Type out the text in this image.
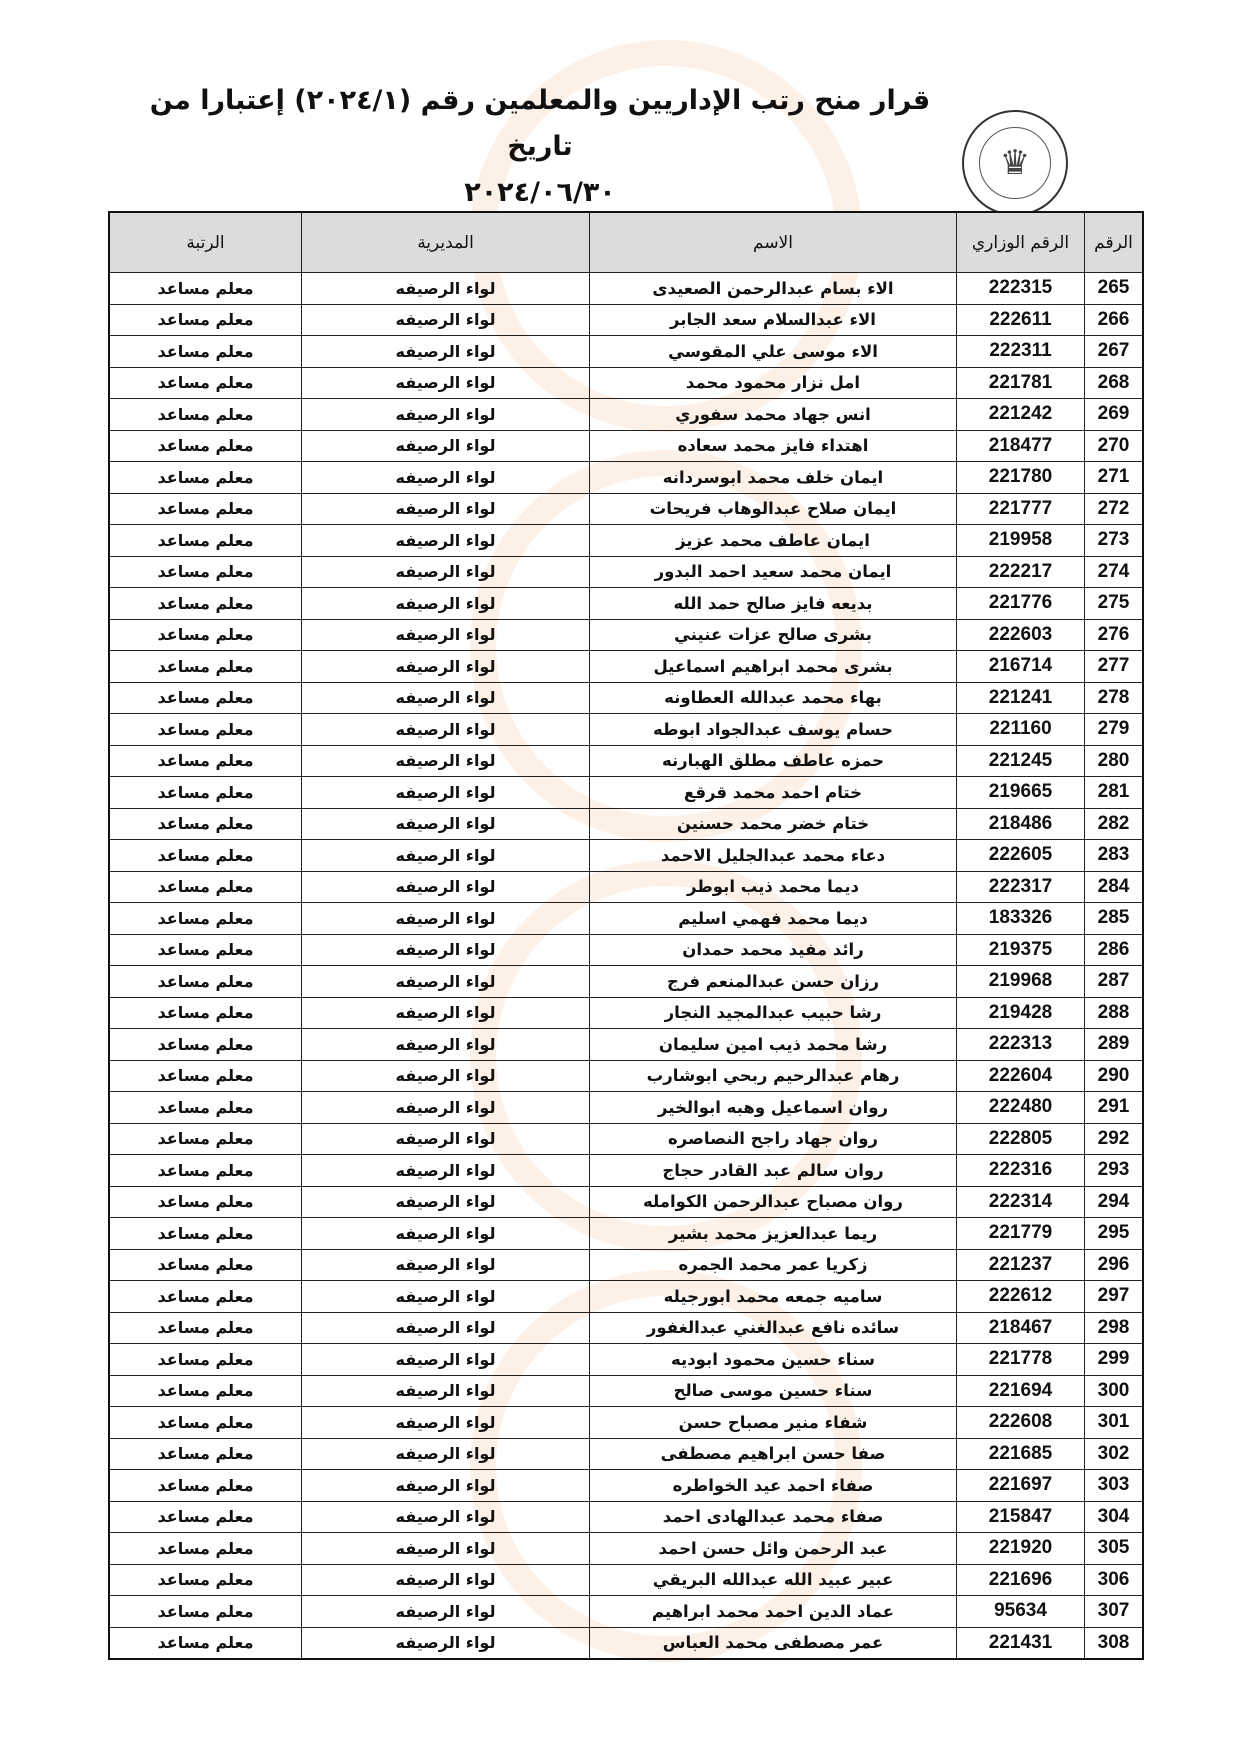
قرار منح رتب الإداريين والمعلمين رقم (٢٠٢٤/١) إعتبارا من تاريخ
٢٠٢٤/٠٦/٣٠
♛
الرقم	الرقم الوزاري	الاسم	المديرية	الرتبة
265	222315	الاء بسام عبدالرحمن الصعيدى	لواء الرصيفه	معلم مساعد
266	222611	الاء عبدالسلام سعد الجابر	لواء الرصيفه	معلم مساعد
267	222311	الاء موسى علي المقوسي	لواء الرصيفه	معلم مساعد
268	221781	امل نزار محمود محمد	لواء الرصيفه	معلم مساعد
269	221242	انس جهاد محمد سفوري	لواء الرصيفه	معلم مساعد
270	218477	اهتداء فايز محمد سعاده	لواء الرصيفه	معلم مساعد
271	221780	ايمان خلف محمد ابوسردانه	لواء الرصيفه	معلم مساعد
272	221777	ايمان صلاح عبدالوهاب فريحات	لواء الرصيفه	معلم مساعد
273	219958	ايمان عاطف محمد عزيز	لواء الرصيفه	معلم مساعد
274	222217	ايمان محمد سعيد احمد البدور	لواء الرصيفه	معلم مساعد
275	221776	بديعه فايز صالح حمد الله	لواء الرصيفه	معلم مساعد
276	222603	بشرى صالح عزات عنيني	لواء الرصيفه	معلم مساعد
277	216714	بشرى محمد ابراهيم اسماعيل	لواء الرصيفه	معلم مساعد
278	221241	بهاء محمد عبدالله العطاونه	لواء الرصيفه	معلم مساعد
279	221160	حسام يوسف عبدالجواد ابوطه	لواء الرصيفه	معلم مساعد
280	221245	حمزه عاطف مطلق الهبارنه	لواء الرصيفه	معلم مساعد
281	219665	ختام احمد محمد قرقع	لواء الرصيفه	معلم مساعد
282	218486	ختام خضر محمد حسنين	لواء الرصيفه	معلم مساعد
283	222605	دعاء محمد عبدالجليل الاحمد	لواء الرصيفه	معلم مساعد
284	222317	ديما محمد ذيب ابوطر	لواء الرصيفه	معلم مساعد
285	183326	ديما محمد فهمي اسليم	لواء الرصيفه	معلم مساعد
286	219375	رائد مفيد محمد حمدان	لواء الرصيفه	معلم مساعد
287	219968	رزان حسن عبدالمنعم فرج	لواء الرصيفه	معلم مساعد
288	219428	رشا حبيب عبدالمجيد النجار	لواء الرصيفه	معلم مساعد
289	222313	رشا محمد ذيب امين سليمان	لواء الرصيفه	معلم مساعد
290	222604	رهام عبدالرحيم ربحي ابوشارب	لواء الرصيفه	معلم مساعد
291	222480	روان اسماعيل وهبه ابوالخير	لواء الرصيفه	معلم مساعد
292	222805	روان جهاد راجح النصاصره	لواء الرصيفه	معلم مساعد
293	222316	روان سالم عبد القادر حجاج	لواء الرصيفه	معلم مساعد
294	222314	روان مصباح عبدالرحمن الكوامله	لواء الرصيفه	معلم مساعد
295	221779	ريما عبدالعزيز محمد بشير	لواء الرصيفه	معلم مساعد
296	221237	زكريا عمر محمد الجمره	لواء الرصيفه	معلم مساعد
297	222612	ساميه جمعه محمد ابورجيله	لواء الرصيفه	معلم مساعد
298	218467	سائده نافع عبدالغني عبدالغفور	لواء الرصيفه	معلم مساعد
299	221778	سناء حسين محمود ابوديه	لواء الرصيفه	معلم مساعد
300	221694	سناء حسين موسى صالح	لواء الرصيفه	معلم مساعد
301	222608	شفاء منير مصباح حسن	لواء الرصيفه	معلم مساعد
302	221685	صفا حسن ابراهيم مصطفى	لواء الرصيفه	معلم مساعد
303	221697	صفاء احمد عيد الخواطره	لواء الرصيفه	معلم مساعد
304	215847	صفاء محمد عبدالهادى احمد	لواء الرصيفه	معلم مساعد
305	221920	عبد الرحمن وائل حسن احمد	لواء الرصيفه	معلم مساعد
306	221696	عبير عبيد الله عبدالله البريقي	لواء الرصيفه	معلم مساعد
307	95634	عماد الدين احمد محمد ابراهيم	لواء الرصيفه	معلم مساعد
308	221431	عمر مصطفى محمد العباس	لواء الرصيفه	معلم مساعد
